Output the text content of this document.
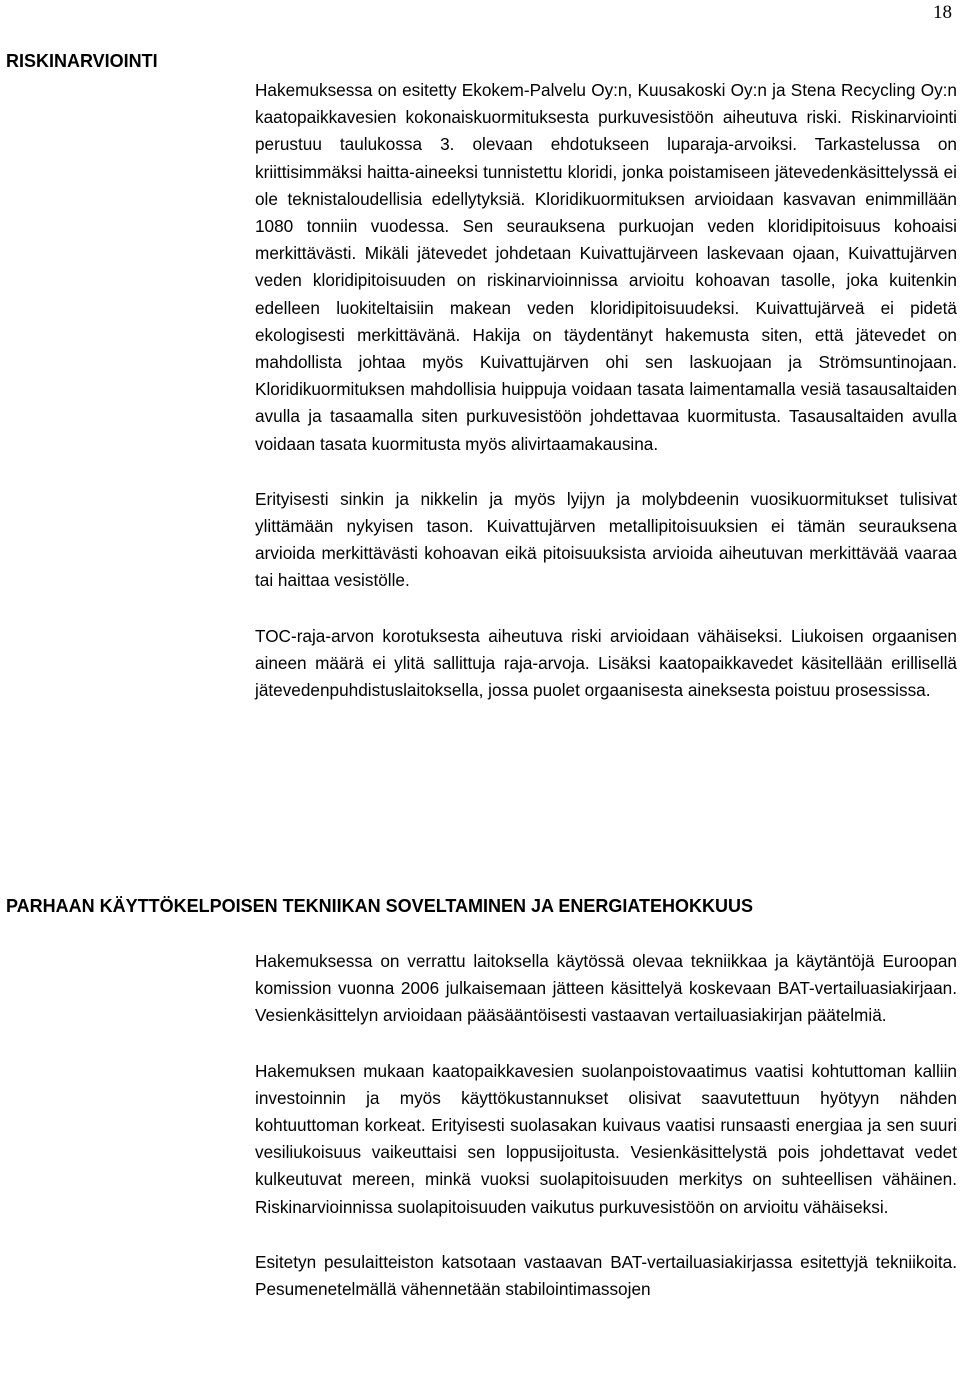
18
RISKINARVIOINTI

Hakemuksessa on esitetty Ekokem-Palvelu Oy:n, Kuusakoski Oy:n ja Stena Recycling Oy:n kaatopaikkavesien kokonaiskuormituksesta purkuvesistöön aiheutuva riski. Riskinarviointi perustuu taulukossa 3. olevaan ehdotukseen luparaja-arvoiksi. Tarkastelussa on kriittisimmäksi haitta-aineeksi tunnistettu kloridi, jonka poistamiseen jätevedenkäsittelyssä ei ole teknistaloudellisia edellytyksiä. Kloridikuormituksen arvioidaan kasvavan enimmillään 1080 tonniin vuodessa. Sen seurauksena purkuojan veden kloridipitoisuus kohoaisi merkittävästi. Mikäli jätevedet johdetaan Kuivattujärveen laskevaan ojaan, Kuivattujärven veden kloridipitoisuuden on riskinarvioinnissa arvioitu kohoavan tasolle, joka kuitenkin edelleen luokiteltaisiin makean veden kloridipitoisuudeksi. Kuivattujärveä ei pidetä ekologisesti merkittävänä. Hakija on täydentänyt hakemusta siten, että jätevedet on mahdollista johtaa myös Kuivattujärven ohi sen laskuojaan ja Strömsuntinojaan. Kloridikuormituksen mahdollisia huippuja voidaan tasata laimentamalla vesiä tasausaltaiden avulla ja tasaamalla siten purkuvesistöön johdettavaa kuormitusta. Tasausaltaiden avulla voidaan tasata kuormitusta myös alivirtaamakausina.

Erityisesti sinkin ja nikkelin ja myös lyijyn ja molybdeenin vuosikuormitukset tulisivat ylittämään nykyisen tason. Kuivattujärven metallipitoisuuksien ei tämän seurauksena arvioida merkittävästi kohoavan eikä pitoisuuksista arvioida aiheutuvan merkittävää vaaraa tai haittaa vesistölle.

TOC-raja-arvon korotuksesta aiheutuva riski arvioidaan vähäiseksi. Liukoisen orgaanisen aineen määrä ei ylitä sallittuja raja-arvoja. Lisäksi kaatopaikkavedet käsitellään erillisellä jätevedenpuhdistuslaitoksella, jossa puolet orgaanisesta aineksesta poistuu prosessissa.

PARHAAN KÄYTTÖKELPOISEN TEKNIIKAN SOVELTAMINEN JA ENERGIATEHOKKUUS

Hakemuksessa on verrattu laitoksella käytössä olevaa tekniikkaa ja käytäntöjä Euroopan komission vuonna 2006 julkaisemaan jätteen käsittelyä koskevaan BAT-vertailuasiakirjaan. Vesienkäsittelyn arvioidaan pääsääntöisesti vastaavan vertailuasiakirjan päätelmiä.

Hakemuksen mukaan kaatopaikkavesien suolanpoistovaatimus vaatisi kohtuttoman kalliin investoinnin ja myös käyttökustannukset olisivat saavutettuun hyötyyn nähden kohtuuttoman korkeat. Erityisesti suolasakan kuivaus vaatisi runsaasti energiaa ja sen suuri vesiliukoisuus vaikeuttaisi sen loppusijoitusta. Vesienkäsittelystä pois johdettavat vedet kulkeutuvat mereen, minkä vuoksi suolapitoisuuden merkitys on suhteellisen vähäinen. Riskinarvioinnissa suolapitoisuuden vaikutus purkuvesistöön on arvioitu vähäiseksi.

Esitetyn pesulaitteiston katsotaan vastaavan BAT-vertailuasiakirjassa esitettyjä tekniikoita. Pesumenetelmällä vähennetään stabilointimassojen
